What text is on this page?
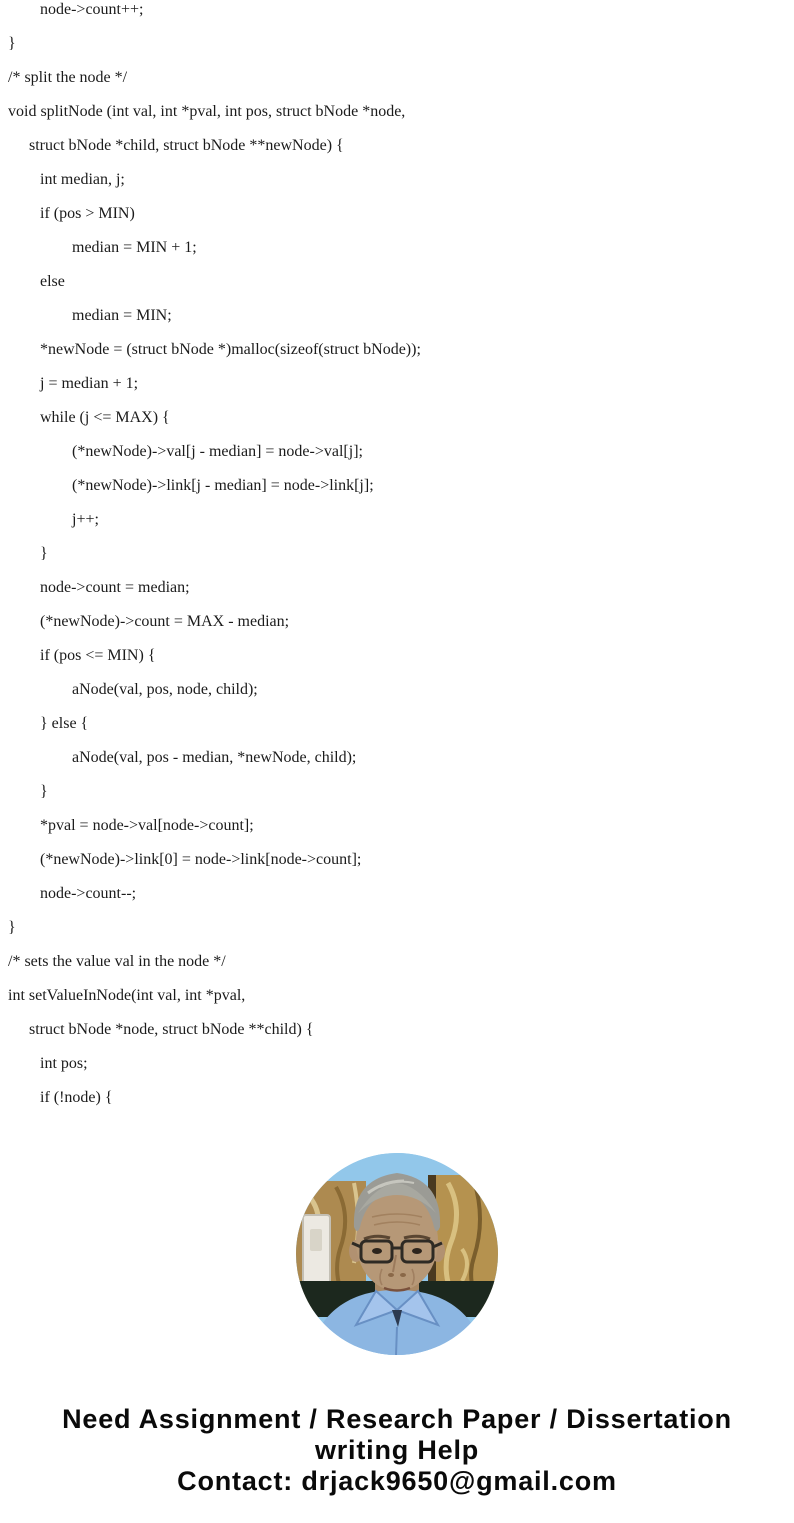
node->count++;
}
/* split the node */
void splitNode (int val, int *pval, int pos, struct bNode *node,
struct bNode *child, struct bNode **newNode) {
int median, j;
if (pos > MIN)
median = MIN + 1;
else
median = MIN;
*newNode = (struct bNode *)malloc(sizeof(struct bNode));
j = median + 1;
while (j <= MAX) {
(*newNode)->val[j - median] = node->val[j];
(*newNode)->link[j - median] = node->link[j];
j++;
}
node->count = median;
(*newNode)->count = MAX - median;
if (pos <= MIN) {
aNode(val, pos, node, child);
} else {
aNode(val, pos - median, *newNode, child);
}
*pval = node->val[node->count];
(*newNode)->link[0] = node->link[node->count];
node->count--;
}
/* sets the value val in the node */
int setValueInNode(int val, int *pval,
struct bNode *node, struct bNode **child) {
int pos;
if (!node) {
Need Assignment / Research Paper / Dissertation
writing Help
Contact: drjack9650@gmail.com
